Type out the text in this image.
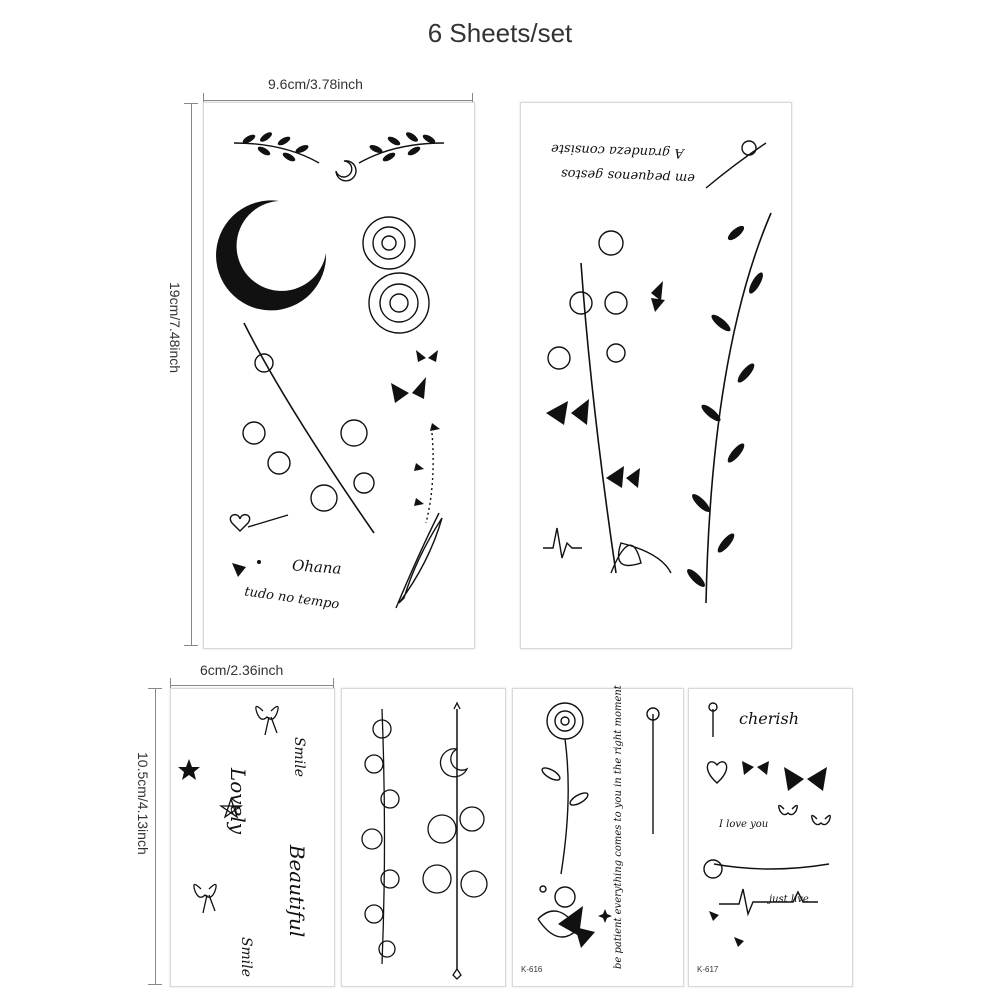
6 Sheets/set
9.6cm/3.78inch
19cm/7.48inch
6cm/2.36inch
10.5cm/4.13inch
Ohana
tudo no tempo
A grandeza consiste
em pequenos gestos
Smile
Lovely
Beautiful
Smile	be patient everything comes to you in the right moment
K-616
cherish
I love you
just live
K-617
